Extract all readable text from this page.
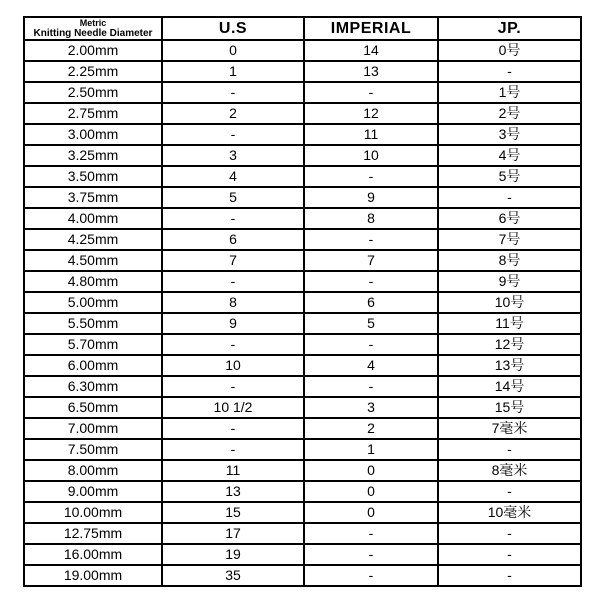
Metric
Knitting Needle Diameter	U.S	IMPERIAL	JP.
2.00mm	0	14	0号
2.25mm	1	13	-
2.50mm	-	-	1号
2.75mm	2	12	2号
3.00mm	-	11	3号
3.25mm	3	10	4号
3.50mm	4	-	5号
3.75mm	5	9	-
4.00mm	-	8	6号
4.25mm	6	-	7号
4.50mm	7	7	8号
4.80mm	-	-	9号
5.00mm	8	6	10号
5.50mm	9	5	11号
5.70mm	-	-	12号
6.00mm	10	4	13号
6.30mm	-	-	14号
6.50mm	10 1/2	3	15号
7.00mm	-	2	7毫米
7.50mm	-	1	-
8.00mm	11	0	8毫米
9.00mm	13	0	-
10.00mm	15	0	10毫米
12.75mm	17	-	-
16.00mm	19	-	-
19.00mm	35	-	-
